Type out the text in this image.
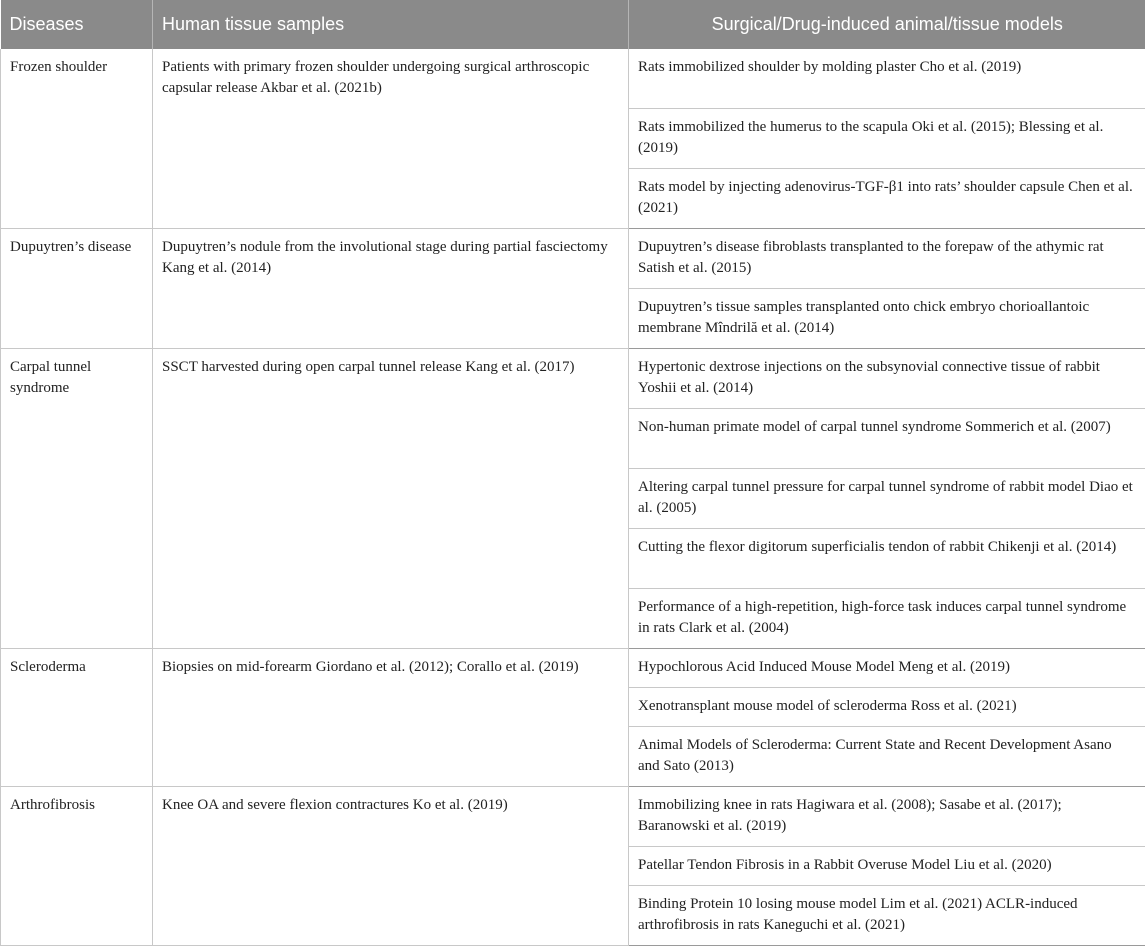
Diseases	Human tissue samples	Surgical/Drug-induced animal/tissue models
Frozen shoulder	Patients with primary frozen shoulder undergoing surgical arthroscopic capsular release Akbar et al. (2021b)	Rats immobilized shoulder by molding plaster Cho et al. (2019)
		Rats immobilized the humerus to the scapula Oki et al. (2015); Blessing et al. (2019)
		Rats model by injecting adenovirus-TGF-β1 into rats’ shoulder capsule Chen et al. (2021)
Dupuytren’s disease	Dupuytren’s nodule from the involutional stage during partial fasciectomy Kang et al. (2014)	Dupuytren’s disease fibroblasts transplanted to the forepaw of the athymic rat Satish et al. (2015)
		Dupuytren’s tissue samples transplanted onto chick embryo chorioallantoic membrane Mîndrilă et al. (2014)
Carpal tunnel syndrome	SSCT harvested during open carpal tunnel release Kang et al. (2017)	Hypertonic dextrose injections on the subsynovial connective tissue of rabbit Yoshii et al. (2014)
		Non-human primate model of carpal tunnel syndrome Sommerich et al. (2007)
		Altering carpal tunnel pressure for carpal tunnel syndrome of rabbit model Diao et al. (2005)
		Cutting the flexor digitorum superficialis tendon of rabbit Chikenji et al. (2014)
		Performance of a high-repetition, high-force task induces carpal tunnel syndrome in rats Clark et al. (2004)
Scleroderma	Biopsies on mid-forearm Giordano et al. (2012); Corallo et al. (2019)	Hypochlorous Acid Induced Mouse Model Meng et al. (2019)
		Xenotransplant mouse model of scleroderma Ross et al. (2021)
		Animal Models of Scleroderma: Current State and Recent Development Asano and Sato (2013)
Arthrofibrosis	Knee OA and severe flexion contractures Ko et al. (2019)	Immobilizing knee in rats Hagiwara et al. (2008); Sasabe et al. (2017); Baranowski et al. (2019)
		Patellar Tendon Fibrosis in a Rabbit Overuse Model Liu et al. (2020)
		Binding Protein 10 losing mouse model Lim et al. (2021) ACLR-induced arthrofibrosis in rats Kaneguchi et al. (2021)
